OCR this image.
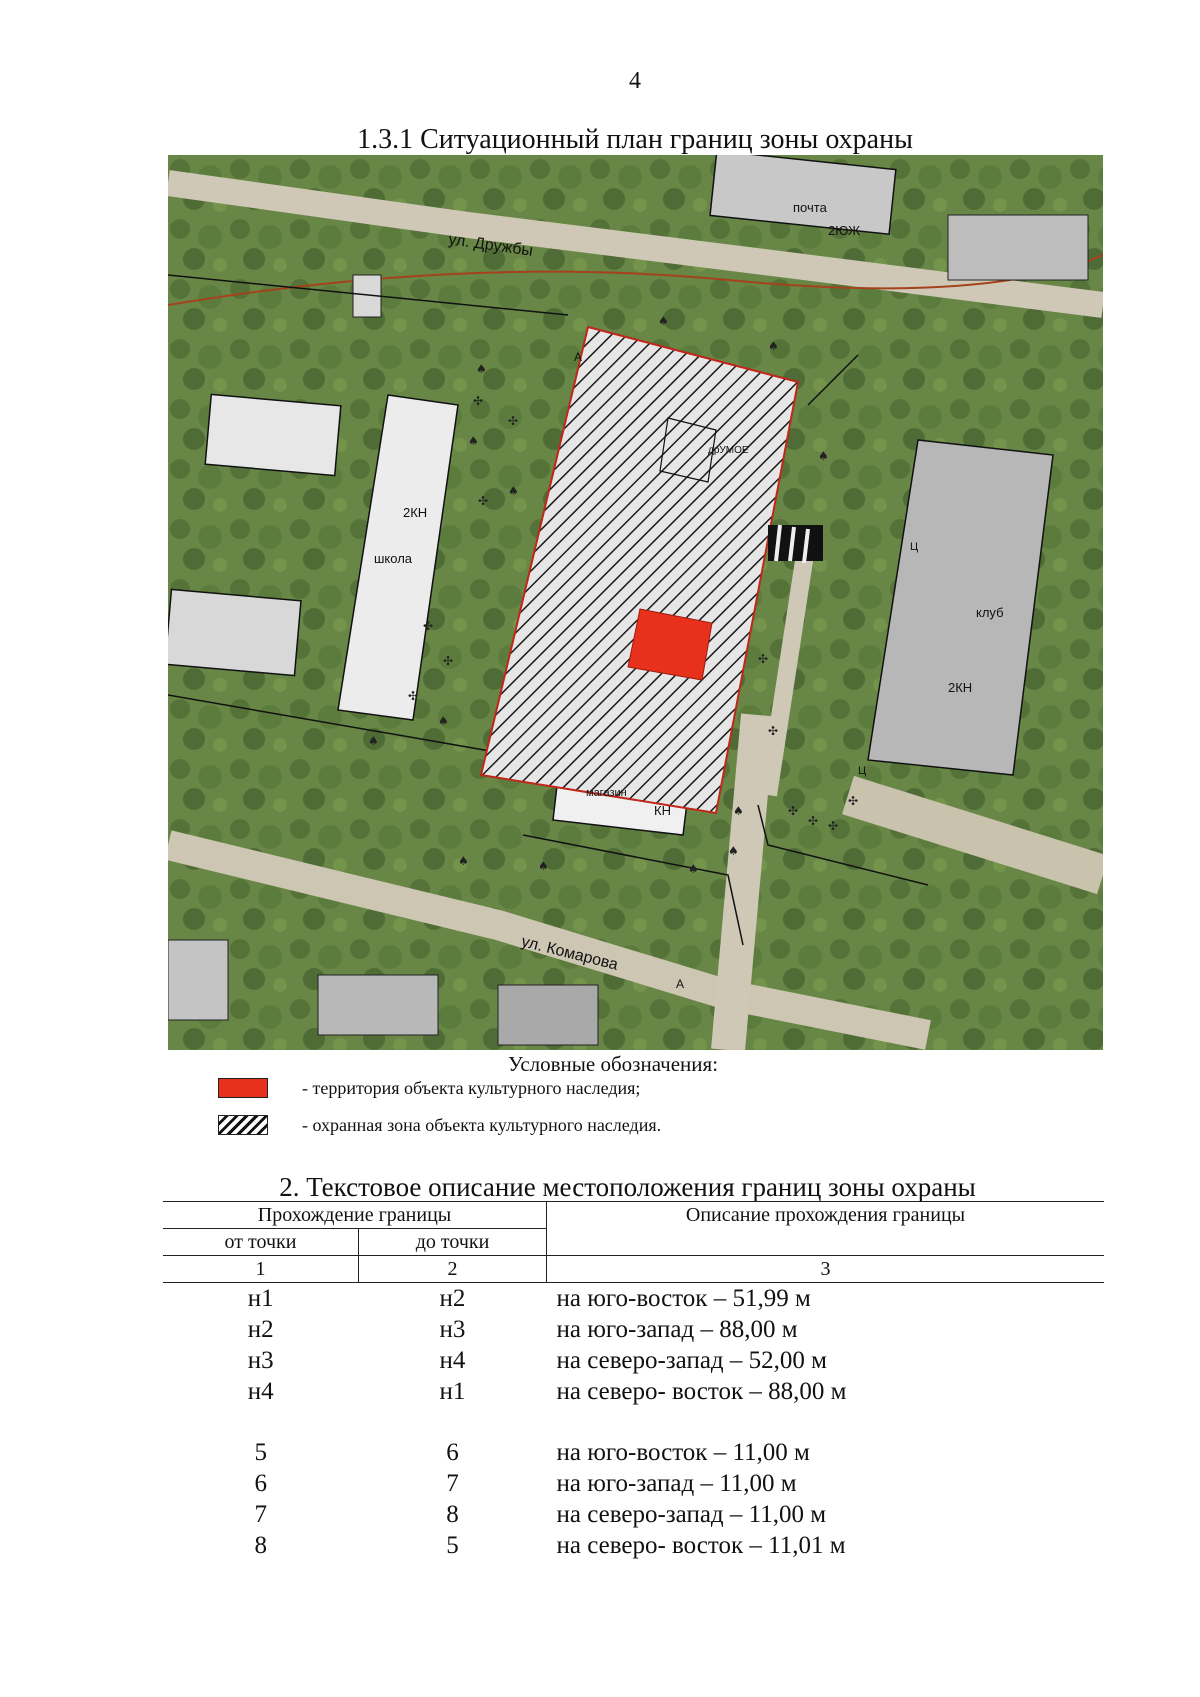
4
1.3.1 Ситуационный план границ зоны охраны
♠
♠
♠
♠
♠
♠
♠
♠
♠
♠
♠
♠
♠
✣
✣
✣
✣
✣
✣
✣
✣
✣
✣ ✣
✣
ул. Дружбы
ул. Комарова
почта
2ЮЖ
2КН
школа
клуб
2КН
магазин
КН
дрУМОЕ
А
А
Ц
Ц
Условные обозначения:
- территория объекта культурного наследия;
- охранная зона объекта культурного наследия.
2. Текстовое описание местоположения границ зоны охраны
Прохождение границы		Описание прохождения границы
от точки	до точки	
1	2	3
н1	н2	на юго-восток – 51,99 м
н2	н3	на юго-запад – 88,00 м
н3	н4	на северо-запад – 52,00 м
н4	н1	на северо- восток – 88,00 м

5	6	на юго-восток – 11,00 м
6	7	на юго-запад – 11,00 м
7	8	на северо-запад – 11,00 м
8	5	на северо- восток – 11,01 м
